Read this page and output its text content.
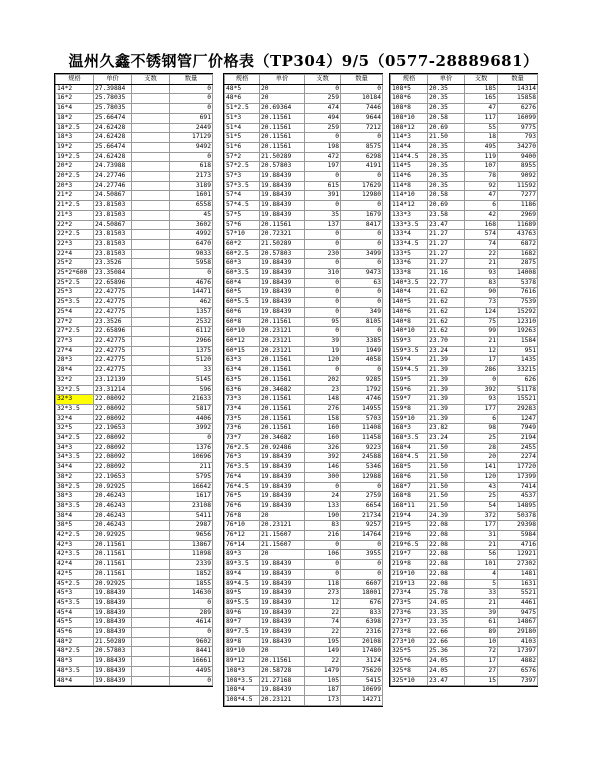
温州久鑫不锈钢管厂价格表（TP304）9/5（0577-28889681）
规格	单价	支数	数量
14*2	27.39884		0
16*2	25.78035		0
16*4	25.78035		0
18*2	25.66474		691
18*2.5	24.62428		2449
18*3	24.62428		17129
19*2	25.66474		9492
19*2.5	24.62428		0
20*2	24.73988		618
20*2.5	24.27746		2173
20*3	24.27746		3189
21*2	24.50867		1601
21*2.5	23.81503		6558
21*3	23.81503		45
22*2	24.50867		3602
22*2.5	23.81503		4992
22*3	23.81503		6470
22*4	23.81503		9033
25*2	23.3526		5958
25*2*600	23.35084		0
25*2.5	22.65896		4676
25*3	22.42775		14471
25*3.5	22.42775		462
25*4	22.42775		1357
27*2	23.3526		2532
27*2.5	22.65896		6112
27*3	22.42775		2966
27*4	22.42775		1375
28*3	22.42775		5120
28*4	22.42775		33
32*2	23.12139		5145
32*2.5	23.31214		596
32*3	22.08092		21633
32*3.5	22.08092		5817
32*4	22.08092		4406
32*5	22.19653		3992
34*2.5	22.08092		0
34*3	22.08092		1376
34*3.5	22.08092		10696
34*4	22.08092		211
38*2	22.19653		5795
38*2.5	20.92925		16642
38*3	20.46243		1617
38*3.5	20.46243		23108
38*4	20.46243		5411
38*5	20.46243		2987
42*2.5	20.92925		9656
42*3	20.11561		13867
42*3.5	20.11561		11098
42*4	20.11561		2339
42*5	20.11561		1852
45*2.5	20.92925		1855
45*3	19.88439		14630
45*3.5	19.88439		0
45*4	19.88439		289
45*5	19.88439		4614
45*6	19.88439		0
48*2	21.50289		9602
48*2.5	20.57803		8441
48*3	19.88439		16661
48*3.5	19.88439		4495
48*4	19.88439		0
规格	单价	支数	数量
48*5	20	0	0
48*6	20	259	10184
51*2.5	20.69364	474	7446
51*3	20.11561	494	9644
51*4	20.11561	259	7212
51*5	20.11561	0	0
51*6	20.11561	198	8575
57*2	21.50289	472	6298
57*2.5	20.57803	197	4191
57*3	19.88439	0	0
57*3.5	19.88439	615	17629
57*4	19.88439	391	12980
57*4.5	19.88439	0	0
57*5	19.88439	35	1679
57*6	20.11561	137	8417
57*10	20.72321	0	0
60*2	21.50289	0	0
60*2.5	20.57803	230	3499
60*3	19.88439	0	0
60*3.5	19.88439	310	9473
60*4	19.88439	0	63
60*5	19.88439	0	0
60*5.5	19.88439	0	0
60*6	19.88439	0	349
60*8	20.11561	95	8105
60*10	20.23121	0	0
60*12	20.23121	39	3385
60*15	20.23121	19	1949
63*3	20.11561	120	4058
63*4	20.11561	0	0
63*5	20.11561	202	9285
63*6	20.34682	23	1792
73*3	20.11561	148	4746
73*4	20.11561	276	14955
73*5	20.11561	158	5703
73*6	20.11561	160	11408
73*7	20.34682	160	11458
76*2.5	20.92486	326	9223
76*3	19.88439	392	24588
76*3.5	19.88439	146	5346
76*4	19.88439	300	12988
76*4.5	19.88439	0	0
76*5	19.88439	24	2759
76*6	19.88439	133	6654
76*8	20	190	21734
76*10	20.23121	83	9257
76*12	21.15607	216	14764
76*14	21.15607	0	0
89*3	20	106	3955
89*3.5	19.88439	0	0
89*4	19.88439	0	0
89*4.5	19.88439	118	6607
89*5	19.88439	273	18001
89*5.5	19.88439	12	676
89*6	19.88439	22	833
89*7	19.88439	74	6398
89*7.5	19.88439	22	2316
89*8	19.88439	195	20108
89*10	20	149	17480
89*12	20.11561	22	3124
108*3	20.58728	1479	75620
108*3.5	21.27168	105	5415
108*4	19.88439	187	10699
108*4.5	20.23121	173	14271
规格	单价	支数	数量
108*5	20.35	185	14314
108*6	20.35	165	15858
108*8	20.35	47	6276
108*10	20.58	117	16099
108*12	20.69	55	9775
114*3	21.50	18	793
114*4	20.35	495	34270
114*4.5	20.35	119	9400
114*5	20.35	107	8955
114*6	20.35	78	9092
114*8	20.35	92	11592
114*10	20.58	47	7277
114*12	20.69	6	1186
133*3	23.58	42	2969
133*3.5	23.47	168	11689
133*4	21.27	574	43763
133*4.5	21.27	74	6872
133*5	21.27	22	1682
133*6	21.27	21	2875
133*8	21.16	93	14008
140*3.5	22.77	83	5378
140*4	21.62	90	7616
140*5	21.62	73	7539
140*6	21.62	124	15292
140*8	21.62	75	12310
140*10	21.62	99	19263
159*3	23.70	21	1584
159*3.5	23.24	12	951
159*4	21.39	17	1435
159*4.5	21.39	286	33215
159*5	21.39	0	626
159*6	21.39	392	51178
159*7	21.39	93	15521
159*8	21.39	177	29283
159*10	21.39	6	1247
168*3	23.82	98	7949
168*3.5	23.24	25	2194
168*4	21.50	28	2455
168*4.5	21.50	20	2274
168*5	21.50	141	17720
168*6	21.50	120	17399
168*7	21.50	43	7414
168*8	21.50	25	4537
168*11	21.50	54	14895
219*4	24.39	372	50378
219*5	22.08	177	29398
219*6	22.08	31	5984
219*6.5	22.08	21	4716
219*7	22.08	56	12921
219*8	22.08	101	27302
219*10	22.08	4	1481
219*13	22.08	5	1631
273*4	25.78	33	5521
273*5	24.05	21	4461
273*6	23.35	39	9475
273*7	23.35	61	14867
273*8	22.66	89	29180
273*10	22.66	10	4103
325*5	25.36	72	17397
325*6	24.05	17	4882
325*8	24.05	27	6576
325*10	23.47	15	7397
